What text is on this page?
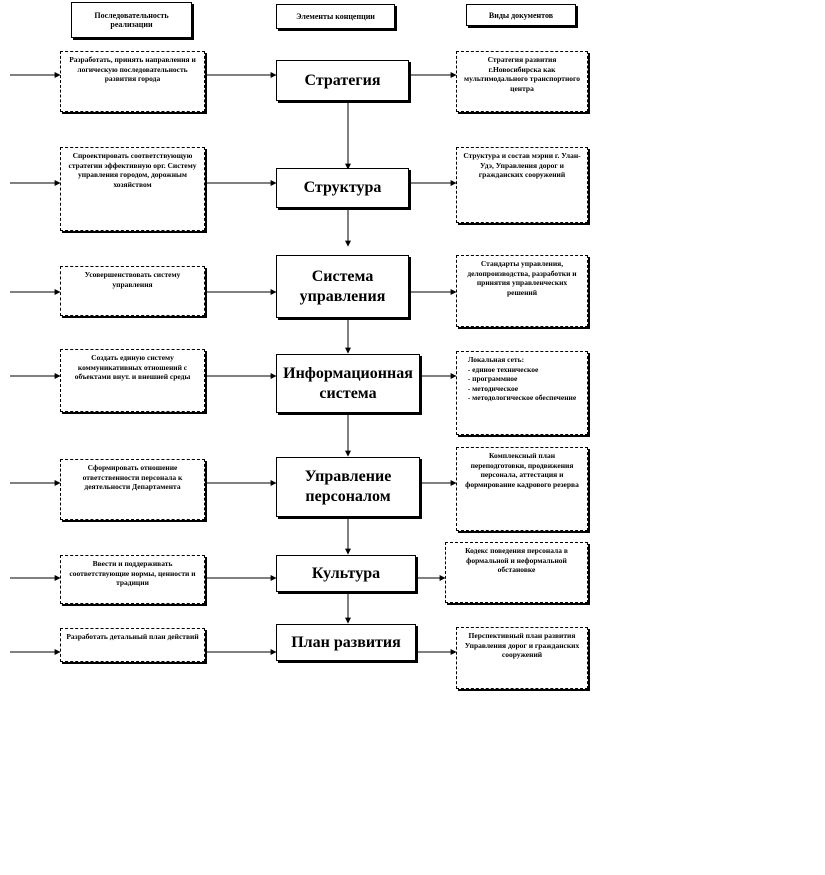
Последовательность реализации
Элементы концепции	Виды документов
Разработать, принять направления и логическую последовательность развития города	Стратегия
Стратегия развития г.Новосибирска как мультимодального транспортного центра
Спроектировать соответствующую стратегии эффективную орг. Систему управления городом, дорожным хозяйством	Структура
Структура и состав мэрии г. Улан-Удэ, Управления дорог и гражданских сооружений
Усовершенствовать систему управления	Система управления
Стандарты управления, делопроизводства, разработки и принятия управленческих решений
Создать единую систему коммуникативных отношений с объектами внут. и внешней среды	Информационная система
Локальная сеть:
- единое техническое
- программное
- методическое
- методологическое обеспечение
Сформировать отношение ответственности персонала к деятельности Департамента
Управление персоналом
Комплексный план переподготовки, продвижения персонала, аттестация и формирование кадрового резерва
Ввести и поддерживать соответствующие нормы, ценности и традиции
Культура
Кодекс поведения персонала в формальной и неформальной обстановке
Разработать детальный план действий	План развития	Перспективный план развития Управления дорог и гражданских сооружений
